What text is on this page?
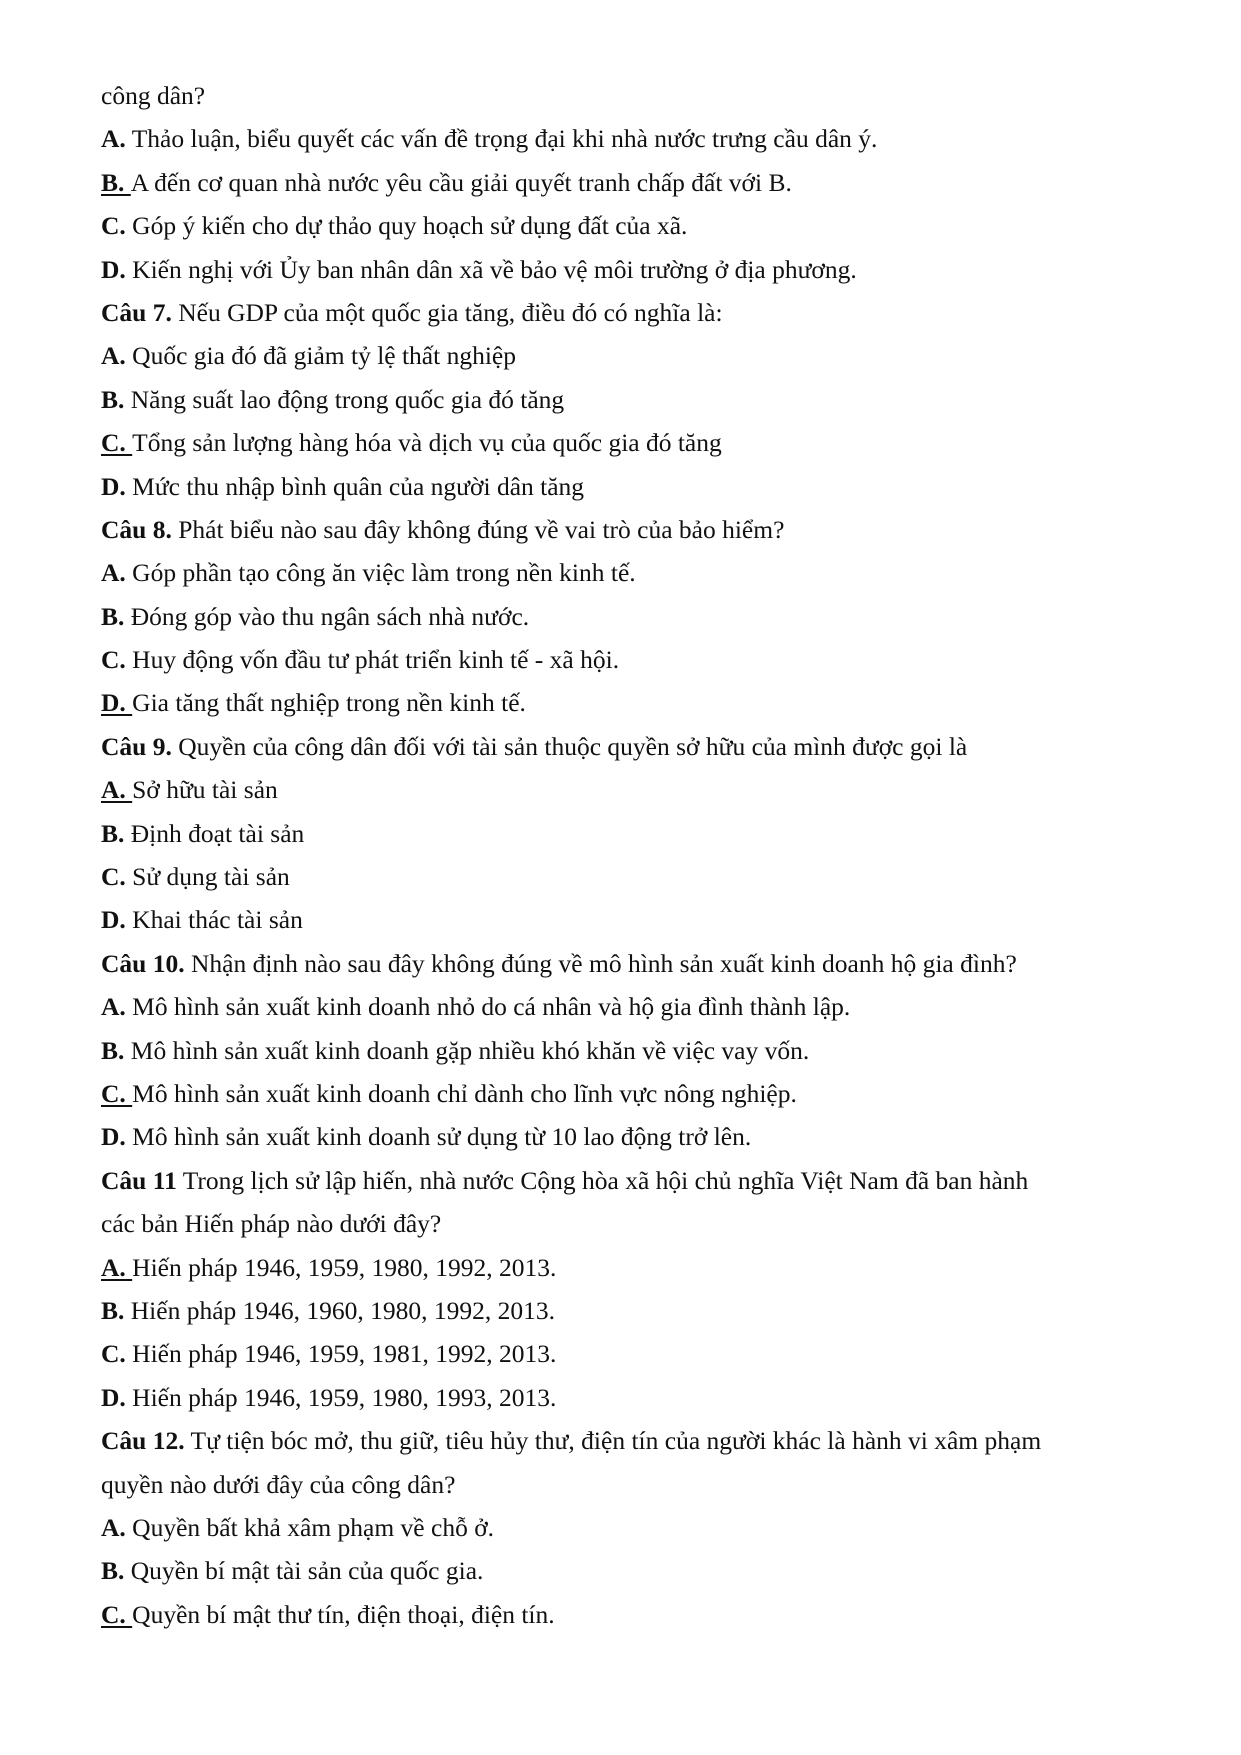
công dân?
A. Thảo luận, biểu quyết các vấn đề trọng đại khi nhà nước trưng cầu dân ý.
B. A đến cơ quan nhà nước yêu cầu giải quyết tranh chấp đất với B.
C. Góp ý kiến cho dự thảo quy hoạch sử dụng đất của xã.
D. Kiến nghị với Ủy ban nhân dân xã về bảo vệ môi trường ở địa phương.
Câu 7. Nếu GDP của một quốc gia tăng, điều đó có nghĩa là:
A. Quốc gia đó đã giảm tỷ lệ thất nghiệp
B. Năng suất lao động trong quốc gia đó tăng
C. Tổng sản lượng hàng hóa và dịch vụ của quốc gia đó tăng
D. Mức thu nhập bình quân của người dân tăng
Câu 8. Phát biểu nào sau đây không đúng về vai trò của bảo hiểm?
A. Góp phần tạo công ăn việc làm trong nền kinh tế.
B. Đóng góp vào thu ngân sách nhà nước.
C. Huy động vốn đầu tư phát triển kinh tế - xã hội.
D. Gia tăng thất nghiệp trong nền kinh tế.
Câu 9. Quyền của công dân đối với tài sản thuộc quyền sở hữu của mình được gọi là
A. Sở hữu tài sản
B. Định đoạt tài sản
C. Sử dụng tài sản
D. Khai thác tài sản
Câu 10. Nhận định nào sau đây không đúng về mô hình sản xuất kinh doanh hộ gia đình?
A. Mô hình sản xuất kinh doanh nhỏ do cá nhân và hộ gia đình thành lập.
B. Mô hình sản xuất kinh doanh gặp nhiều khó khăn về việc vay vốn.
C. Mô hình sản xuất kinh doanh chỉ dành cho lĩnh vực nông nghiệp.
D. Mô hình sản xuất kinh doanh sử dụng từ 10 lao động trở lên.
Câu 11 Trong lịch sử lập hiến, nhà nước Cộng hòa xã hội chủ nghĩa Việt Nam đã ban hành
các bản Hiến pháp nào dưới đây?
A. Hiến pháp 1946, 1959, 1980, 1992, 2013.
B. Hiến pháp 1946, 1960, 1980, 1992, 2013.
C. Hiến pháp 1946, 1959, 1981, 1992, 2013.
D. Hiến pháp 1946, 1959, 1980, 1993, 2013.
Câu 12. Tự tiện bóc mở, thu giữ, tiêu hủy thư, điện tín của người khác là hành vi xâm phạm
quyền nào dưới đây của công dân?
A. Quyền bất khả xâm phạm về chỗ ở.
B. Quyền bí mật tài sản của quốc gia.
C. Quyền bí mật thư tín, điện thoại, điện tín.
